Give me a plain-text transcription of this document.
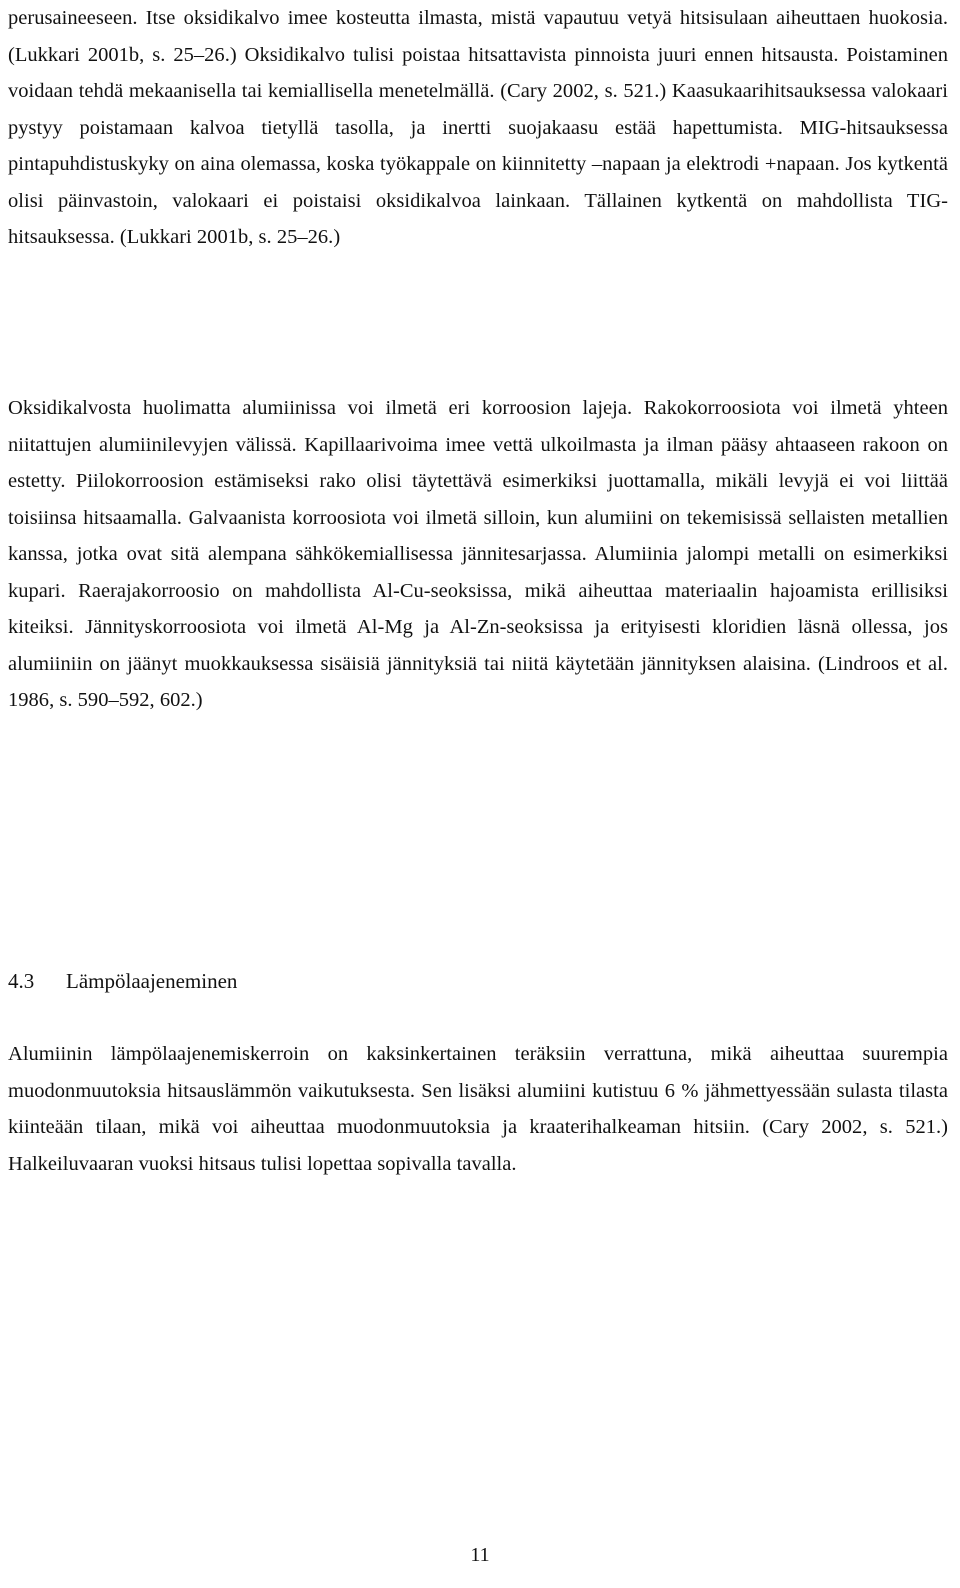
perusaineeseen. Itse oksidikalvo imee kosteutta ilmasta, mistä vapautuu vetyä hitsisulaan aiheuttaen huokosia. (Lukkari 2001b, s. 25–26.) Oksidikalvo tulisi poistaa hitsattavista pinnoista juuri ennen hitsausta. Poistaminen voidaan tehdä mekaanisella tai kemiallisella menetelmällä. (Cary 2002, s. 521.) Kaasukaarihitsauksessa valokaari pystyy poistamaan kalvoa tietyllä tasolla, ja inertti suojakaasu estää hapettumista. MIG-hitsauksessa pintapuhdistuskyky on aina olemassa, koska työkappale on kiinnitetty –napaan ja elektrodi +napaan. Jos kytkentä olisi päinvastoin, valokaari ei poistaisi oksidikalvoa lainkaan. Tällainen kytkentä on mahdollista TIG-hitsauksessa. (Lukkari 2001b, s. 25–26.)

Oksidikalvosta huolimatta alumiinissa voi ilmetä eri korroosion lajeja. Rakokorroosiota voi ilmetä yhteen niitattujen alumiinilevyjen välissä. Kapillaarivoima imee vettä ulkoilmasta ja ilman pääsy ahtaaseen rakoon on estetty. Piilokorroosion estämiseksi rako olisi täytettävä esimerkiksi juottamalla, mikäli levyjä ei voi liittää toisiinsa hitsaamalla. Galvaanista korroosiota voi ilmetä silloin, kun alumiini on tekemisissä sellaisten metallien kanssa, jotka ovat sitä alempana sähkökemiallisessa jännitesarjassa. Alumiinia jalompi metalli on esimerkiksi kupari. Raerajakorroosio on mahdollista Al-Cu-seoksissa, mikä aiheuttaa materiaalin hajoamista erillisiksi kiteiksi. Jännityskorroosiota voi ilmetä Al-Mg ja Al-Zn-seoksissa ja erityisesti kloridien läsnä ollessa, jos alumiiniin on jäänyt muokkauksessa sisäisiä jännityksiä tai niitä käytetään jännityksen alaisina. (Lindroos et al. 1986, s. 590–592, 602.)

4.3 Lämpölaajeneminen

Alumiinin lämpölaajenemiskerroin on kaksinkertainen teräksiin verrattuna, mikä aiheuttaa suurempia muodonmuutoksia hitsauslämmön vaikutuksesta. Sen lisäksi alumiini kutistuu 6 % jähmettyessään sulasta tilasta kiinteään tilaan, mikä voi aiheuttaa muodonmuutoksia ja kraaterihalkeaman hitsiin. (Cary 2002, s. 521.) Halkeiluvaaran vuoksi hitsaus tulisi lopettaa sopivalla tavalla.

11
